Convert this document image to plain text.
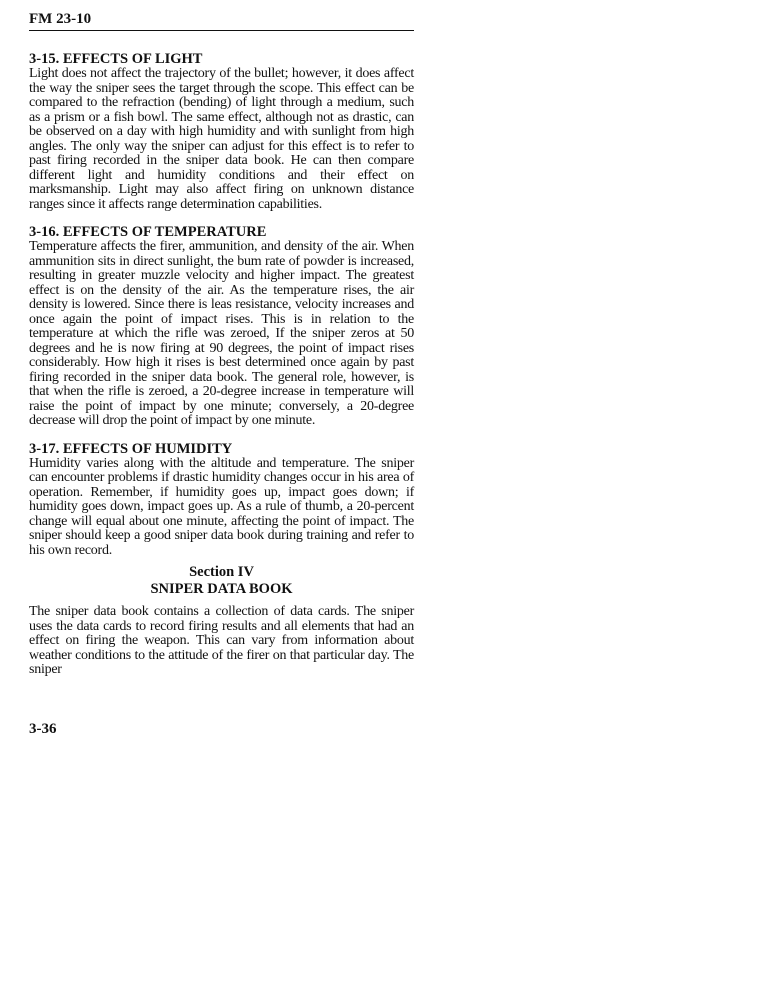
FM 23-10

3-15. EFFECTS OF LIGHT

Light does not affect the trajectory of the bullet; however, it does affect the way the sniper sees the target through the scope. This effect can be compared to the refraction (bending) of light through a medium, such as a prism or a fish bowl. The same effect, although not as drastic, can be observed on a day with high humidity and with sunlight from high angles. The only way the sniper can adjust for this effect is to refer to past firing recorded in the sniper data book. He can then compare different light and humidity conditions and their effect on marksmanship. Light may also affect firing on unknown distance ranges since it affects range determination capabilities.

3-16. EFFECTS OF TEMPERATURE

Temperature affects the firer, ammunition, and density of the air. When ammunition sits in direct sunlight, the bum rate of powder is increased, resulting in greater muzzle velocity and higher impact. The greatest effect is on the density of the air. As the temperature rises, the air density is lowered. Since there is leas resistance, velocity increases and once again the point of impact rises. This is in relation to the temperature at which the rifle was zeroed, If the sniper zeros at 50 degrees and he is now firing at 90 degrees, the point of impact rises considerably. How high it rises is best determined once again by past firing recorded in the sniper data book. The general role, however, is that when the rifle is zeroed, a 20-degree increase in temperature will raise the point of impact by one minute; conversely, a 20-degree decrease will drop the point of impact by one minute.

3-17. EFFECTS OF HUMIDITY

Humidity varies along with the altitude and temperature. The sniper can encounter problems if drastic humidity changes occur in his area of operation. Remember, if humidity goes up, impact goes down; if humidity goes down, impact goes up. As a rule of thumb, a 20-percent change will equal about one minute, affecting the point of impact. The sniper should keep a good sniper data book during training and refer to his own record.

Section IV
SNIPER DATA BOOK

The sniper data book contains a collection of data cards. The sniper uses the data cards to record firing results and all elements that had an effect on firing the weapon. This can vary from information about weather conditions to the attitude of the firer on that particular day. The sniper

3-36
